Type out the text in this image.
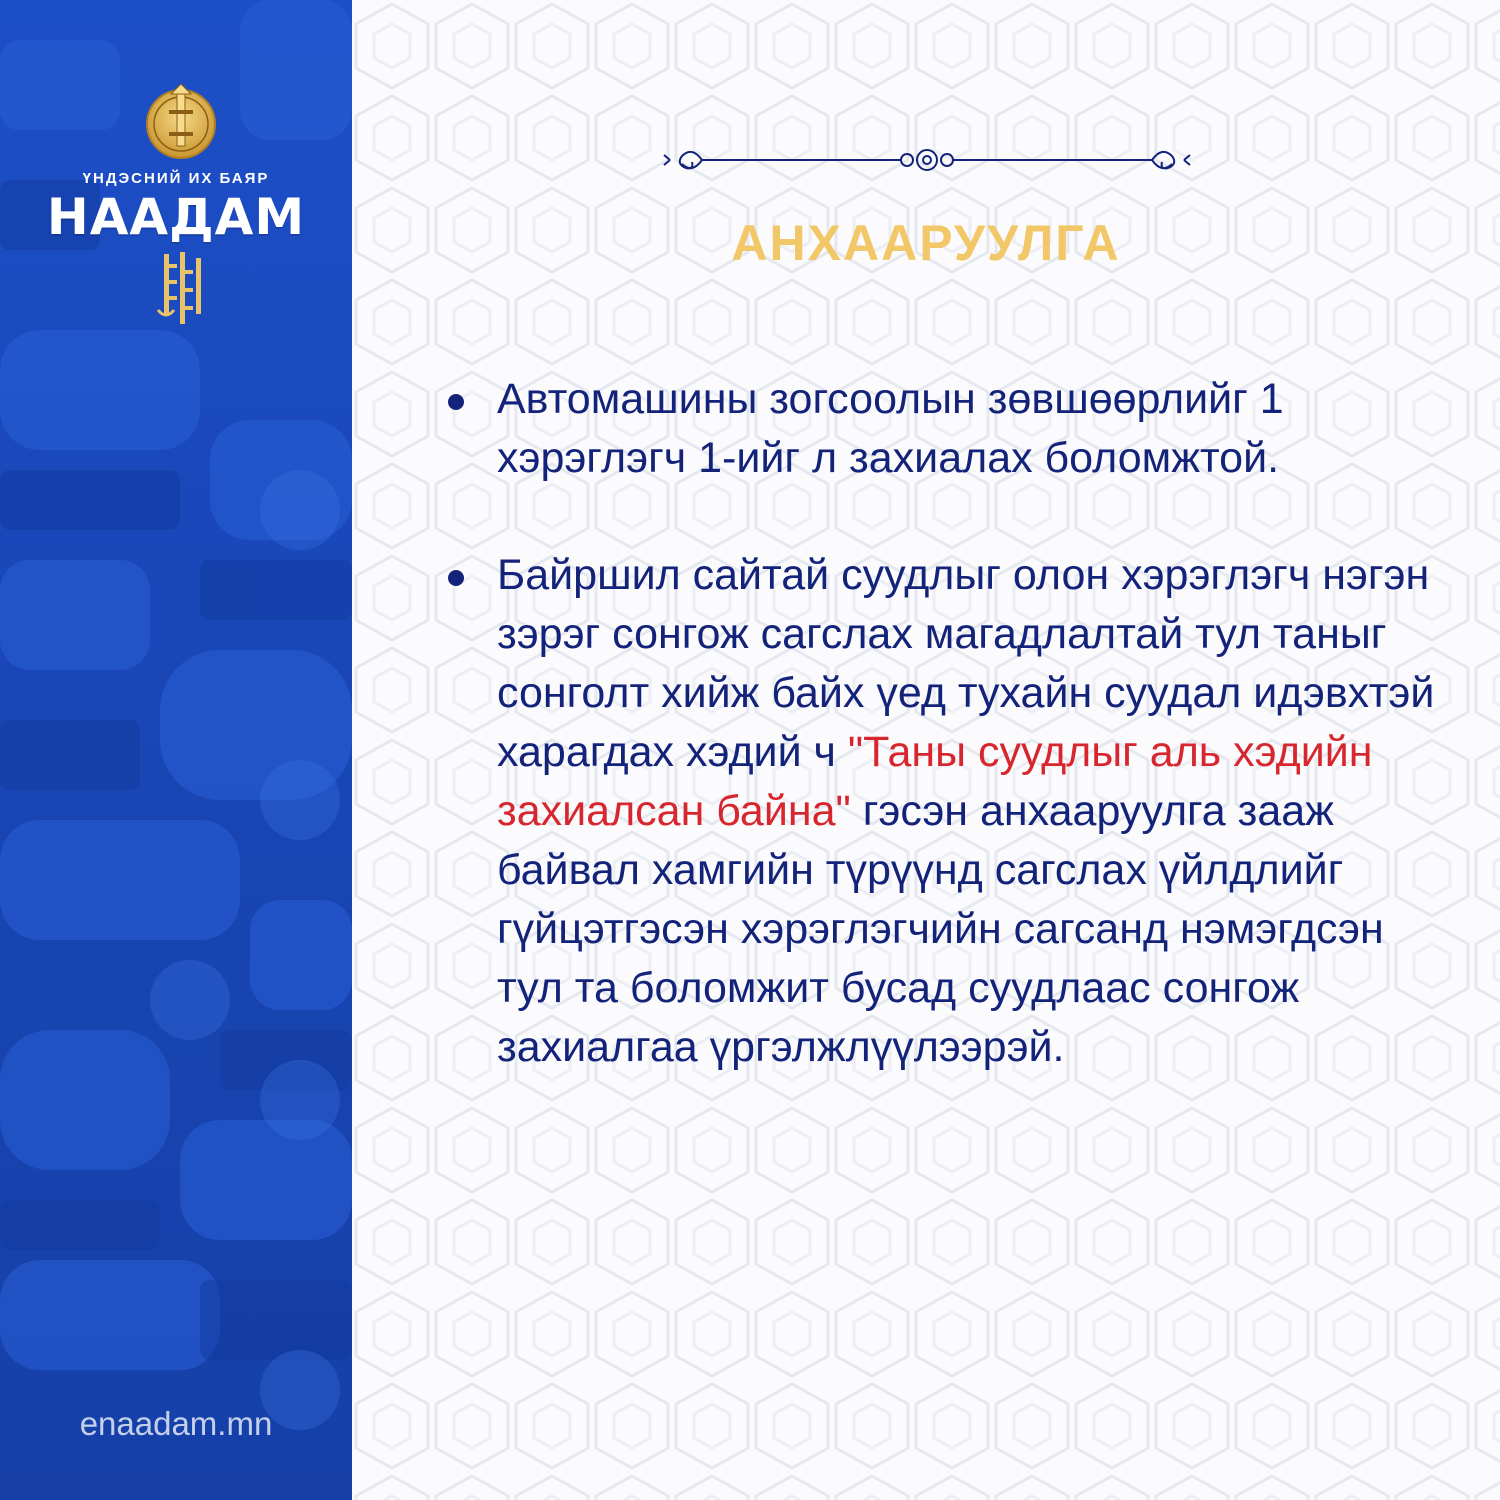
ҮНДЭСНИЙ ИХ БАЯР
НААДАМ
enaadam.mn
АНХААРУУЛГА
Автомашины зогсоолын зөвшөөрлийг 1 хэрэглэгч 1-ийг л захиалах боломжтой.
Байршил сайтай суудлыг олон хэрэглэгч нэгэн зэрэг сонгож сагслах магадлалтай тул таныг сонголт хийж байх үед тухайн суудал идэвхтэй харагдах хэдий ч "Таны суудлыг аль хэдийн захиалсан байна" гэсэн анхааруулга зааж байвал хамгийн түрүүнд сагслах үйлдлийг гүйцэтгэсэн хэрэглэгчийн сагсанд нэмэгдсэн тул та боломжит бусад суудлаас сонгож захиалгаа үргэлжлүүлээрэй.
